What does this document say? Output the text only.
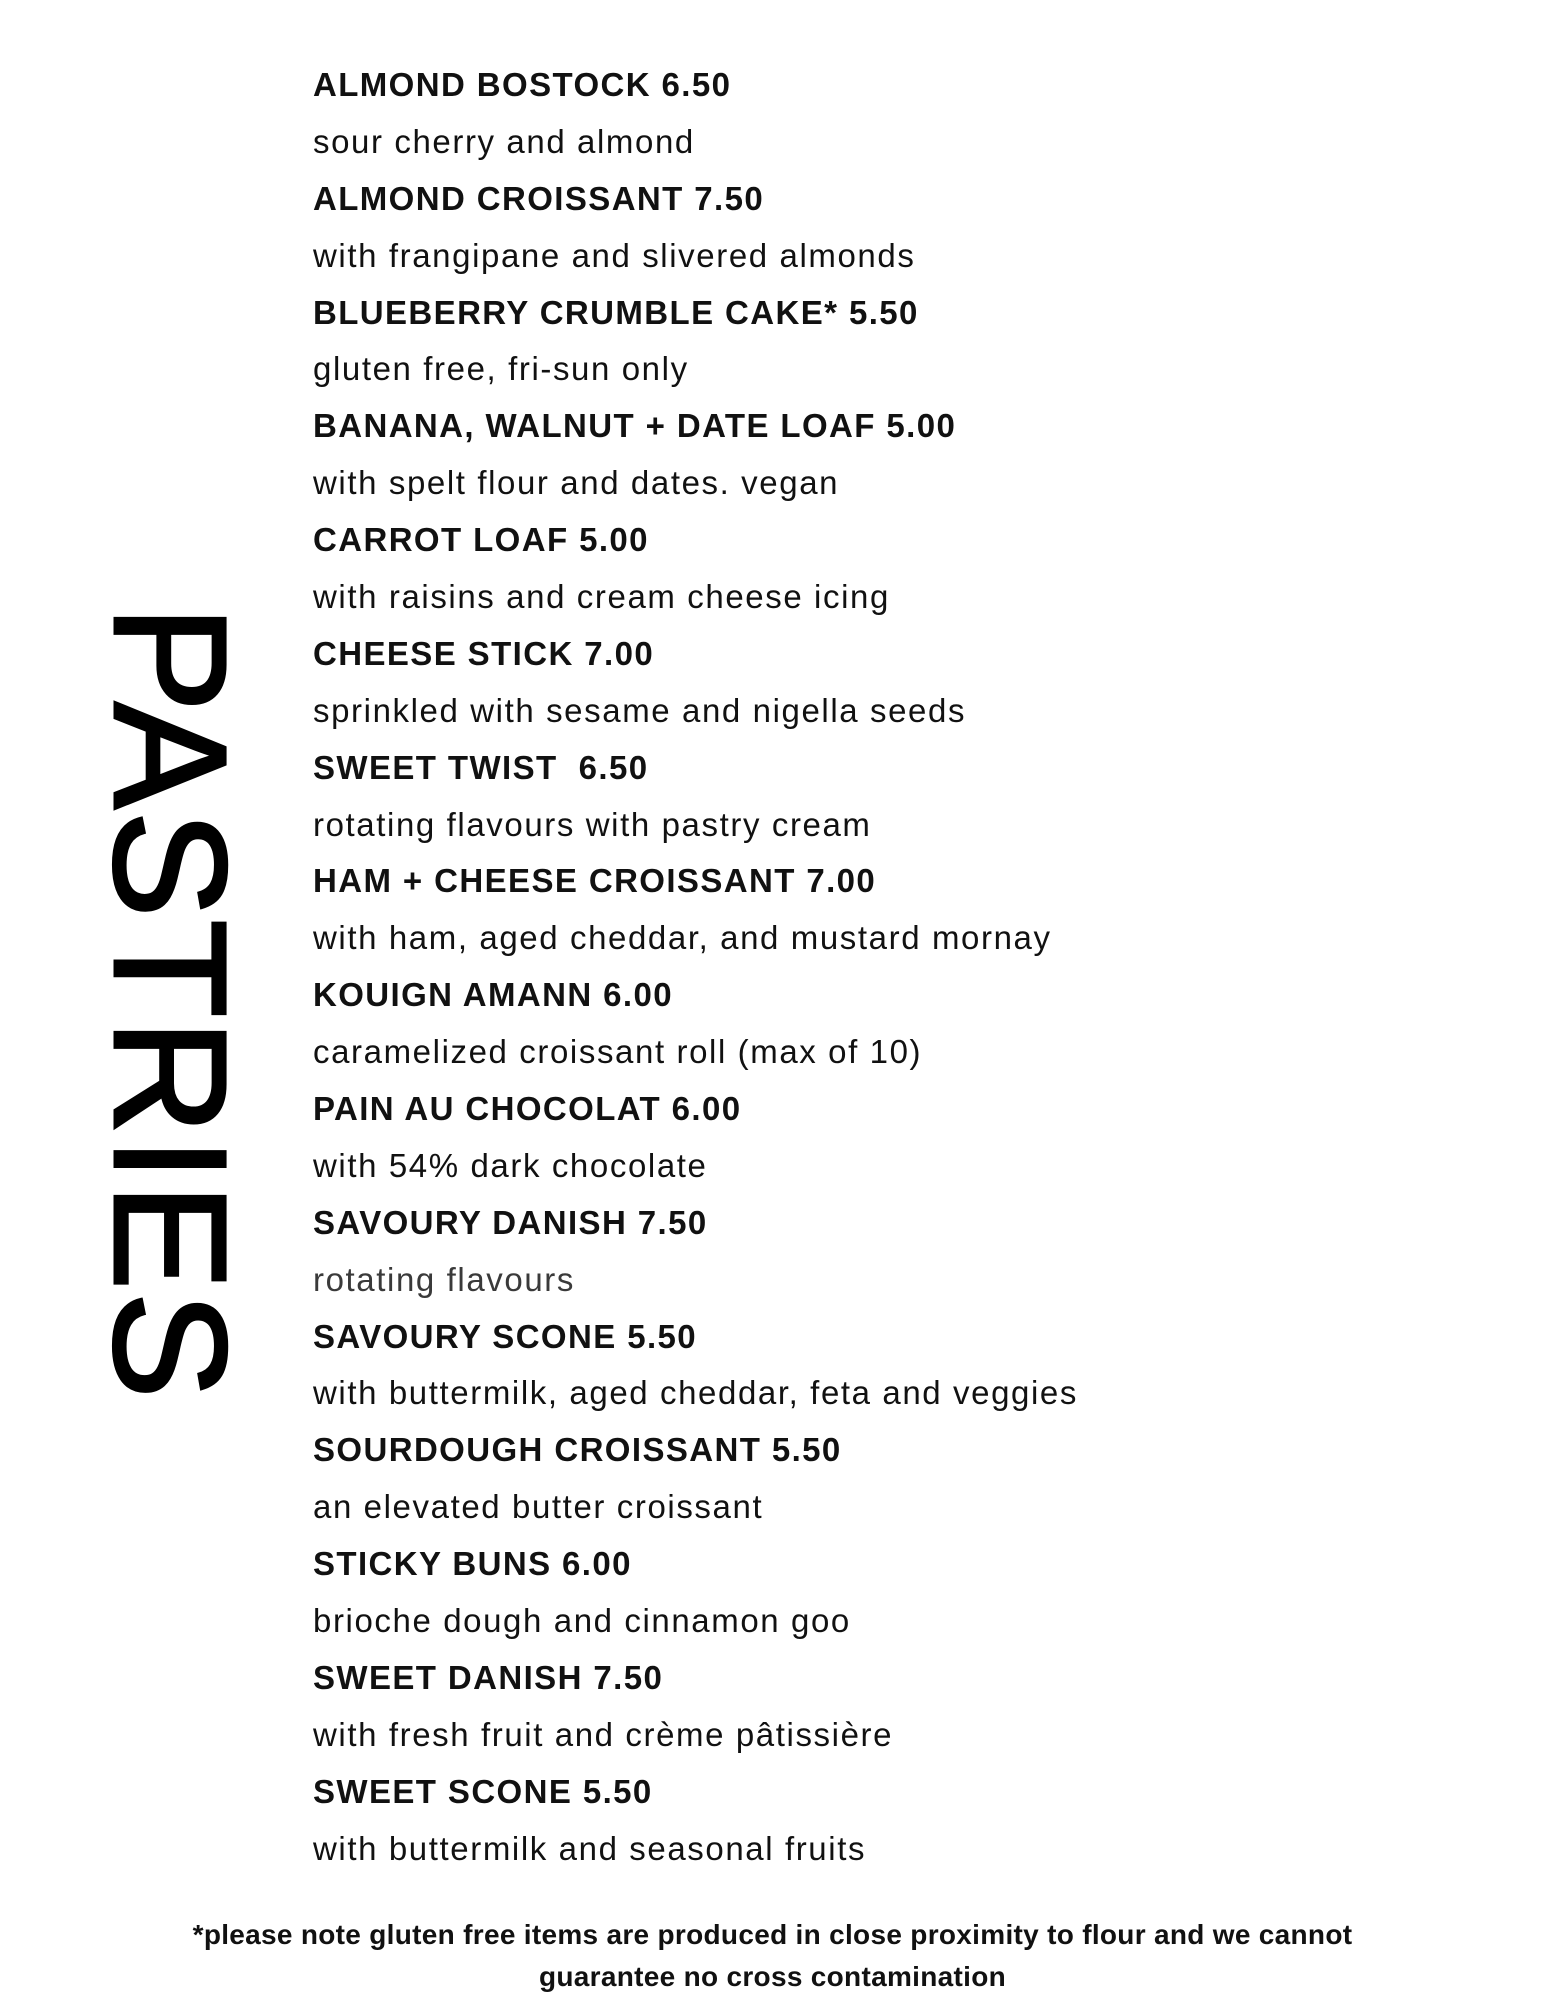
PASTRIES
ALMOND BOSTOCK 6.50
sour cherry and almond
ALMOND CROISSANT 7.50
with frangipane and slivered almonds
BLUEBERRY CRUMBLE CAKE* 5.50
gluten free, fri-sun only
BANANA, WALNUT + DATE LOAF 5.00
with spelt flour and dates. vegan
CARROT LOAF 5.00
with raisins and cream cheese icing
CHEESE STICK 7.00
sprinkled with sesame and nigella seeds
SWEET TWIST  6.50
rotating flavours with pastry cream
HAM + CHEESE CROISSANT 7.00
with ham, aged cheddar, and mustard mornay
KOUIGN AMANN 6.00
caramelized croissant roll (max of 10)
PAIN AU CHOCOLAT 6.00
with 54% dark chocolate
SAVOURY DANISH 7.50
rotating flavours
SAVOURY SCONE 5.50
with buttermilk, aged cheddar, feta and veggies
SOURDOUGH CROISSANT 5.50
an elevated butter croissant
STICKY BUNS 6.00
brioche dough and cinnamon goo
SWEET DANISH 7.50
with fresh fruit and crème pâtissière
SWEET SCONE 5.50
with buttermilk and seasonal fruits
*please note gluten free items are produced in close proximity to flour and we cannot
guarantee no cross contamination
